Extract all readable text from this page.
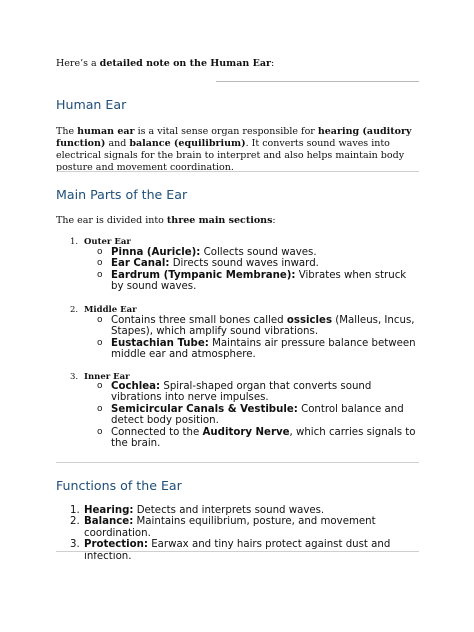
Here’s a detailed note on the Human Ear:

Human Ear

The human ear is a vital sense organ responsible for hearing (auditory function) and balance (equilibrium). It converts sound waves into electrical signals for the brain to interpret and also helps maintain body posture and movement coordination.

Main Parts of the Ear

The ear is divided into three main sections:

1. Outer Ear

o Pinna (Auricle): Collects sound waves.
o Ear Canal: Directs sound waves inward.
o Eardrum (Tympanic Membrane): Vibrates when struck by sound waves.

2. Middle Ear

o Contains three small bones called ossicles (Malleus, Incus, Stapes), which amplify sound vibrations.
o Eustachian Tube: Maintains air pressure balance between middle ear and atmosphere.

3. Inner Ear

o Cochlea: Spiral-shaped organ that converts sound vibrations into nerve impulses.
o Semicircular Canals & Vestibule: Control balance and detect body position.
o Connected to the Auditory Nerve, which carries signals to the brain.
Functions of the Ear
1. Hearing: Detects and interprets sound waves.
2. Balance: Maintains equilibrium, posture, and movement coordination.
3. Protection: Earwax and tiny hairs protect against dust and infection.
